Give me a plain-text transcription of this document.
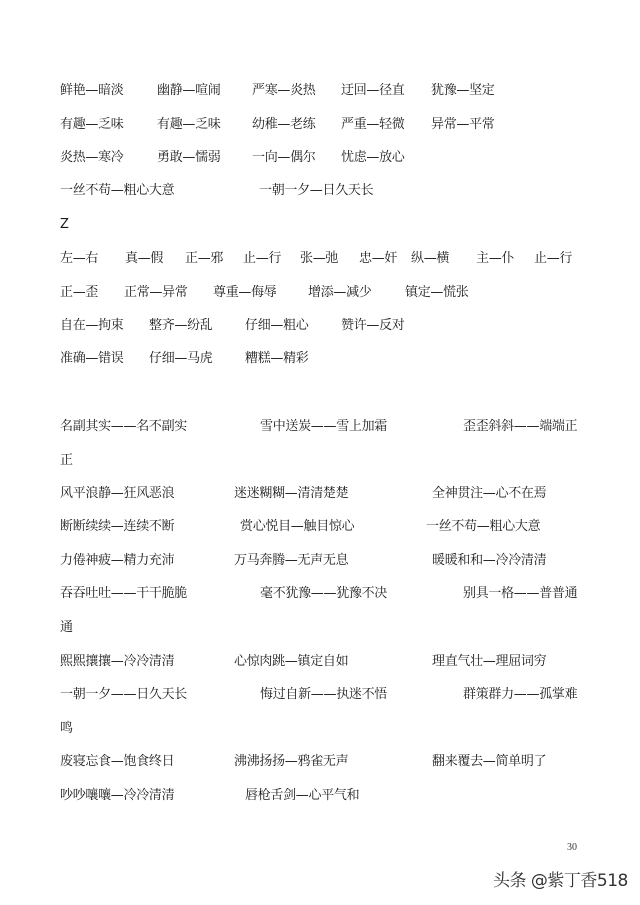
鲜艳—暗淡	幽静—喧闹 严寒—炎热 迂回—径直 犹豫—坚定
有趣—乏味	有趣—乏味 幼稚—老练 严重—轻微 异常—平常
炎热—寒冷	勇敢—懦弱 一向—偶尔 忧虑—放心
一丝不苟—粗心大意	一朝一夕—日久天长
Z
左—右 真—假 正—邪 止—行 张—弛 忠—奸 纵—横 主—仆 止—行
正—歪 正常—异常 尊重—侮辱 增添—减少	镇定—慌张
自在—拘束 整齐—纷乱 仔细—粗心 赞许—反对
准确—错误 仔细—马虎 糟糕—精彩
名副其实——名不副实	雪中送炭——雪上加霜	歪歪斜斜——端端正
正
风平浪静—狂风恶浪	迷迷糊糊—清清楚楚	全神贯注—心不在焉
断断续续—连续不断	赏心悦目—触目惊心	一丝不苟—粗心大意
力倦神疲—精力充沛	万马奔腾—无声无息	暖暖和和—冷冷清清
吞吞吐吐——干干脆脆	毫不犹豫——犹豫不决	别具一格——普普通
通
熙熙攘攘—冷冷清清	心惊肉跳—镇定自如	理直气壮—理屈词穷
一朝一夕——日久天长	悔过自新——执迷不悟	群策群力——孤掌难
鸣
废寝忘食—饱食终日	沸沸扬扬—鸦雀无声	翻来覆去—简单明了
吵吵嚷嚷—冷冷清清	唇枪舌剑—心平气和
30
头条 @紫丁香518
